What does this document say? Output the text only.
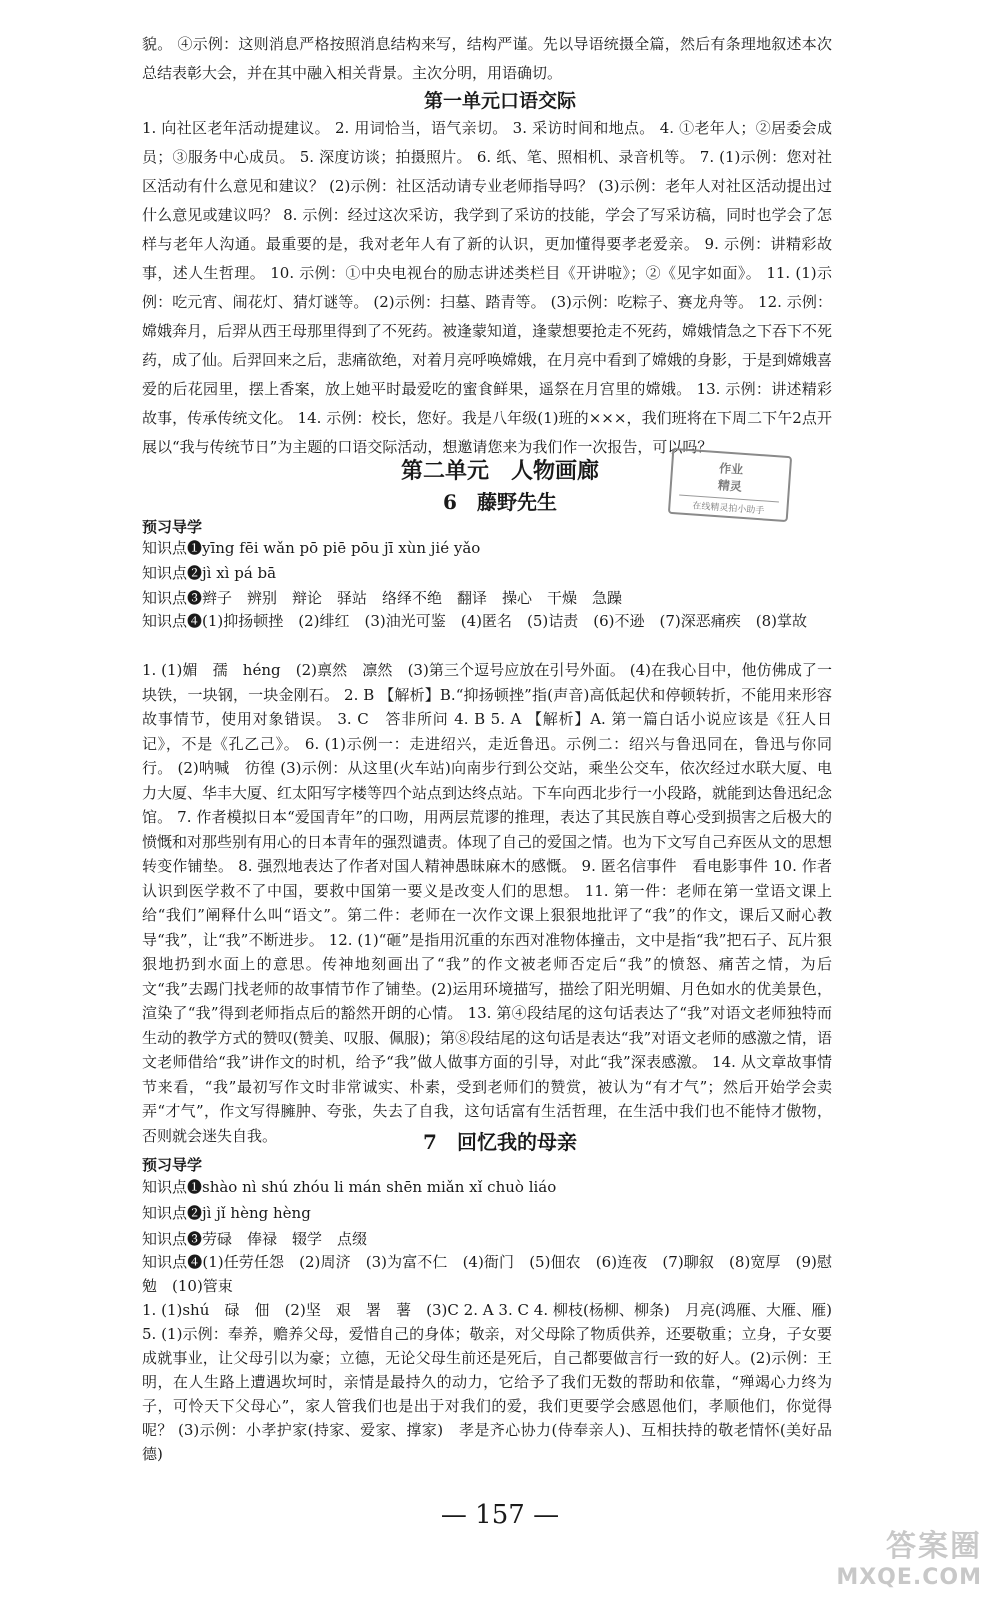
貌。 ④示例：这则消息严格按照消息结构来写，结构严谨。先以导语统摄全篇，然后有条理地叙述本次总结表彰大会，并在其中融入相关背景。主次分明，用语确切。

第一单元口语交际

1. 向社区老年活动提建议。 2. 用词恰当，语气亲切。 3. 采访时间和地点。 4. ①老年人；②居委会成员；③服务中心成员。 5. 深度访谈；拍摄照片。 6. 纸、笔、照相机、录音机等。 7. (1)示例：您对社区活动有什么意见和建议？ (2)示例：社区活动请专业老师指导吗？ (3)示例：老年人对社区活动提出过什么意见或建议吗？ 8. 示例：经过这次采访，我学到了采访的技能，学会了写采访稿，同时也学会了怎样与老年人沟通。最重要的是，我对老年人有了新的认识，更加懂得要孝老爱亲。 9. 示例：讲精彩故事，述人生哲理。 10. 示例：①中央电视台的励志讲述类栏目《开讲啦》；②《见字如面》。 11. (1)示例：吃元宵、闹花灯、猜灯谜等。 (2)示例：扫墓、踏青等。 (3)示例：吃粽子、赛龙舟等。 12. 示例：嫦娥奔月，后羿从西王母那里得到了不死药。被逢蒙知道，逢蒙想要抢走不死药，嫦娥情急之下吞下不死药，成了仙。后羿回来之后，悲痛欲绝，对着月亮呼唤嫦娥，在月亮中看到了嫦娥的身影，于是到嫦娥喜爱的后花园里，摆上香案，放上她平时最爱吃的蜜食鲜果，遥祭在月宫里的嫦娥。 13. 示例：讲述精彩故事，传承传统文化。 14. 示例：校长，您好。我是八年级(1)班的×××，我们班将在下周二下午2点开展以“我与传统节日”为主题的口语交际活动，想邀请您来为我们作一次报告，可以吗？

第二单元　人物画廊	作业
精灵
在线精灵拍小助手
6　藤野先生
预习导学
知识点❶yīng fēi wǎn pō piē pōu jī xùn jié yǎo
知识点❷jì xì pá bā
知识点❸辫子　辨别　辩论　驿站　络绎不绝　翻译　操心　干燥　急躁

知识点❹(1)抑扬顿挫　(2)绯红　(3)油光可鉴　(4)匿名　(5)诘责　(6)不逊　(7)深恶痛疾　(8)掌故

1. (1)媚　孺　héng　(2)禀然　凛然　(3)第三个逗号应放在引号外面。 (4)在我心目中，他仿佛成了一块铁，一块钢，一块金刚石。 2. B 【解析】B.“抑扬顿挫”指(声音)高低起伏和停顿转折，不能用来形容故事情节，使用对象错误。 3. C　答非所问 4. B 5. A 【解析】A. 第一篇白话小说应该是《狂人日记》，不是《孔乙己》。 6. (1)示例一：走进绍兴，走近鲁迅。示例二：绍兴与鲁迅同在，鲁迅与你同行。 (2)呐喊　彷徨 (3)示例：从这里(火车站)向南步行到公交站，乘坐公交车，依次经过水联大厦、电力大厦、华丰大厦、红太阳写字楼等四个站点到达终点站。下车向西北步行一小段路，就能到达鲁迅纪念馆。 7. 作者模拟日本“爱国青年”的口吻，用两层荒谬的推理，表达了其民族自尊心受到损害之后极大的愤慨和对那些别有用心的日本青年的强烈谴责。体现了自己的爱国之情。也为下文写自己弃医从文的思想转变作铺垫。 8. 强烈地表达了作者对国人精神愚昧麻木的感慨。 9. 匿名信事件　看电影事件 10. 作者认识到医学救不了中国，要救中国第一要义是改变人们的思想。 11. 第一件：老师在第一堂语文课上给“我们”阐释什么叫“语文”。第二件：老师在一次作文课上狠狠地批评了“我”的作文，课后又耐心教导“我”，让“我”不断进步。 12. (1)“砸”是指用沉重的东西对准物体撞击，文中是指“我”把石子、瓦片狠狠地扔到水面上的意思。传神地刻画出了“我”的作文被老师否定后“我”的愤怒、痛苦之情，为后文“我”去踢门找老师的故事情节作了铺垫。(2)运用环境描写，描绘了阳光明媚、月色如水的优美景色，渲染了“我”得到老师指点后的豁然开朗的心情。 13. 第④段结尾的这句话表达了“我”对语文老师独特而生动的教学方式的赞叹(赞美、叹服、佩服)；第⑧段结尾的这句话是表达“我”对语文老师的感激之情，语文老师借给“我”讲作文的时机，给予“我”做人做事方面的引导，对此“我”深表感激。 14. 从文章故事情节来看，“我”最初写作文时非常诚实、朴素，受到老师们的赞赏，被认为“有才气”；然后开始学会卖弄“才气”，作文写得臃肿、夸张，失去了自我，这句话富有生活哲理，在生活中我们也不能恃才傲物，否则就会迷失自我。	7　回忆我的母亲
预习导学
知识点❶shào nì shú zhóu li mán shēn miǎn xǐ chuò liáo
知识点❷jì jǐ hèng hèng
知识点❸劳碌　俸禄　辍学　点缀

知识点❹(1)任劳任怨　(2)周济　(3)为富不仁　(4)衙门　(5)佃农　(6)连夜　(7)聊叙　(8)宽厚　(9)慰勉　(10)管束

1. (1)shú　碌　佃　(2)坚　艰　署　薯　(3)C 2. A 3. C 4. 柳枝(杨柳、柳条)　月亮(鸿雁、大雁、雁) 5. (1)示例：奉养，赡养父母，爱惜自己的身体；敬亲，对父母除了物质供养，还要敬重；立身，子女要成就事业，让父母引以为豪；立德，无论父母生前还是死后，自己都要做言行一致的好人。(2)示例：王明，在人生路上遭遇坎坷时，亲情是最持久的动力，它给予了我们无数的帮助和依靠，“殚竭心力终为子，可怜天下父母心”，家人管我们也是出于对我们的爱，我们更要学会感恩他们，孝顺他们，你觉得呢？ (3)示例：小孝护家(持家、爱家、撑家)　孝是齐心协力(侍奉亲人)、互相扶持的敬老情怀(美好品德)

— 157 —
答案圈
MXQE.COM
